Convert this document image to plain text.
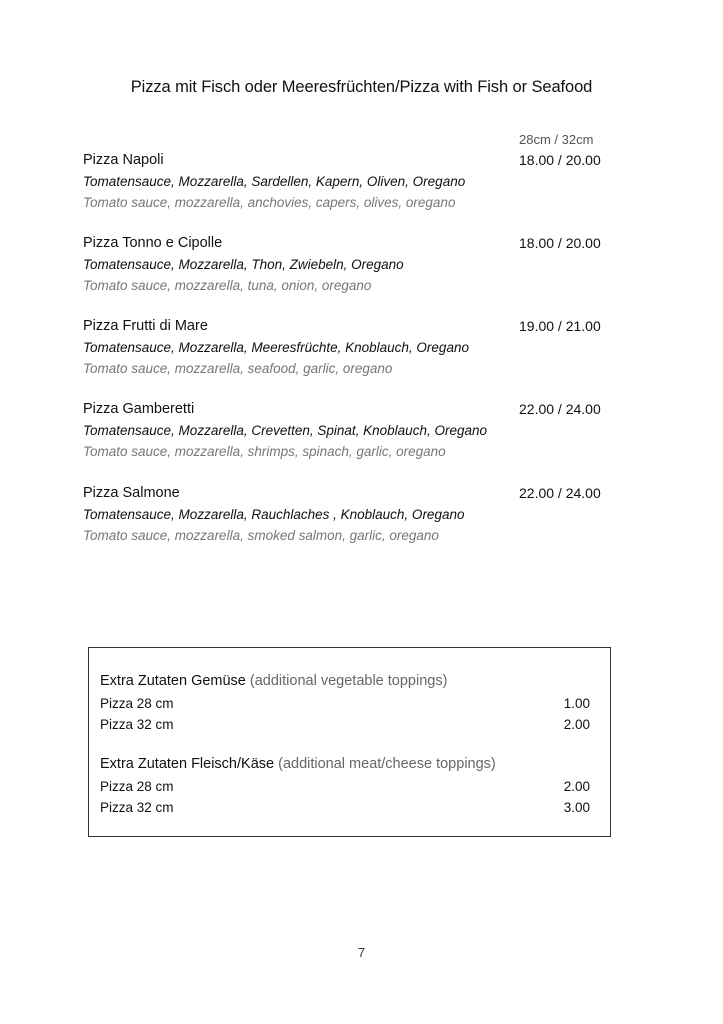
Pizza mit Fisch oder Meeresfrüchten/Pizza with Fish or Seafood
28cm / 32cm
Pizza Napoli	18.00 / 20.00
Tomatensauce, Mozzarella, Sardellen, Kapern, Oliven, Oregano
Tomato sauce, mozzarella, anchovies, capers, olives, oregano
Pizza Tonno e Cipolle	18.00 / 20.00
Tomatensauce, Mozzarella, Thon, Zwiebeln, Oregano
Tomato sauce, mozzarella, tuna, onion, oregano
Pizza Frutti di Mare	19.00 / 21.00
Tomatensauce, Mozzarella, Meeresfrüchte, Knoblauch, Oregano
Tomato sauce, mozzarella, seafood, garlic, oregano
Pizza Gamberetti	22.00 / 24.00
Tomatensauce, Mozzarella, Crevetten, Spinat, Knoblauch, Oregano
Tomato sauce, mozzarella, shrimps, spinach, garlic, oregano
Pizza Salmone	22.00 / 24.00
Tomatensauce, Mozzarella, Rauchlaches , Knoblauch, Oregano
Tomato sauce, mozzarella, smoked salmon, garlic, oregano
Extra Zutaten Gemüse (additional vegetable toppings)
Pizza 28 cm	1.00
Pizza 32 cm	2.00
Extra Zutaten Fleisch/Käse (additional meat/cheese toppings)
Pizza 28 cm	2.00
Pizza 32 cm	3.00
7
